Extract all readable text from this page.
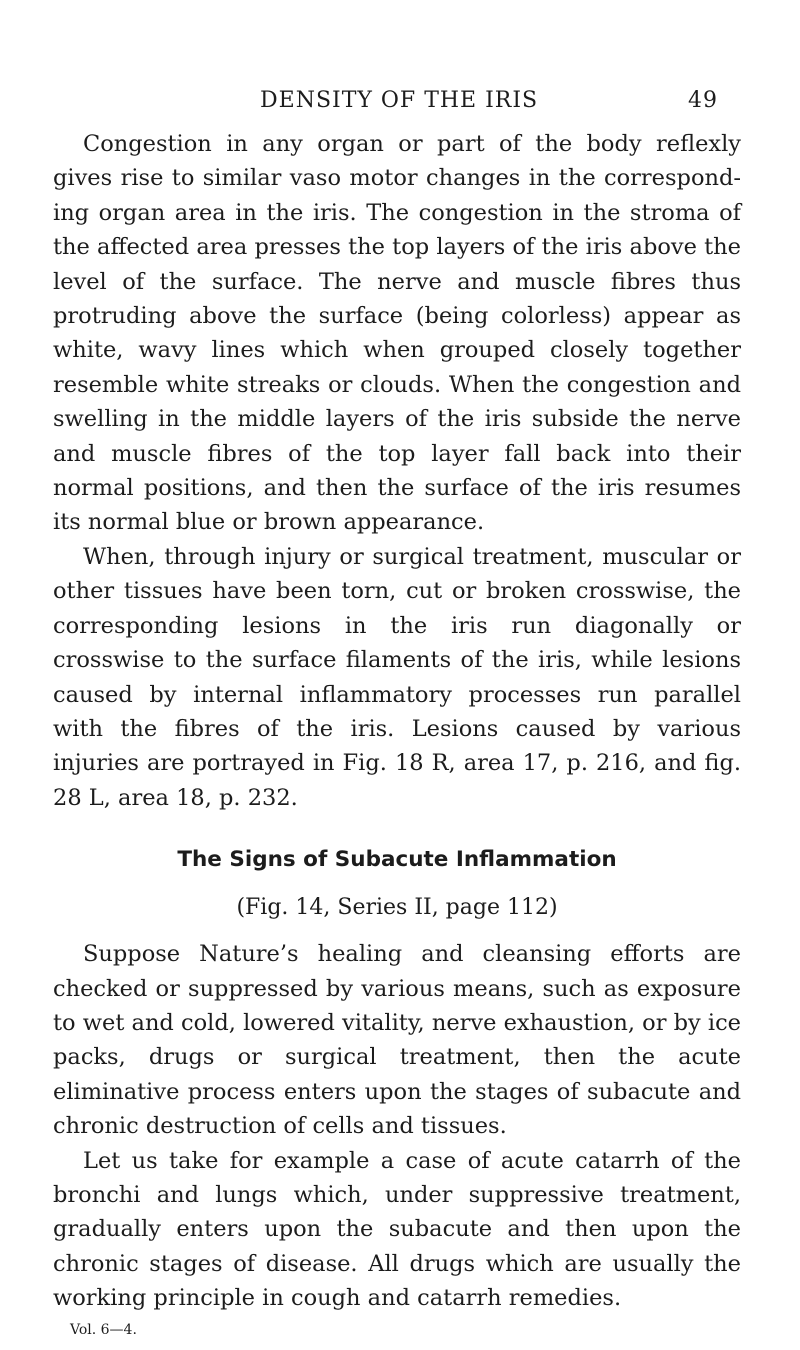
DENSITY OF THE IRIS	49

Congestion in any organ or part of the body reflexly gives rise to similar vaso motor changes in the correspond-ing organ area in the iris. The congestion in the stroma of the affected area presses the top layers of the iris above the level of the surface. The nerve and muscle fibres thus protruding above the surface (being colorless) appear as white, wavy lines which when grouped closely together resemble white streaks or clouds. When the congestion and swelling in the middle layers of the iris subside the nerve and muscle fibres of the top layer fall back into their normal positions, and then the surface of the iris resumes its normal blue or brown appearance.

When, through injury or surgical treatment, muscular or other tissues have been torn, cut or broken crosswise, the corresponding lesions in the iris run diagonally or crosswise to the surface filaments of the iris, while lesions caused by internal inflammatory processes run parallel with the fibres of the iris. Lesions caused by various injuries are portrayed in Fig. 18 R, area 17, p. 216, and fig. 28 L, area 18, p. 232.

The Signs of Subacute Inflammation
(Fig. 14, Series II, page 112)

Suppose Nature’s healing and cleansing efforts are checked or suppressed by various means, such as exposure to wet and cold, lowered vitality, nerve exhaustion, or by ice packs, drugs or surgical treatment, then the acute eliminative process enters upon the stages of subacute and chronic destruction of cells and tissues.

Let us take for example a case of acute catarrh of the bronchi and lungs which, under suppressive treatment, gradually enters upon the subacute and then upon the chronic stages of disease. All drugs which are usually the working principle in cough and catarrh remedies.

Vol. 6—4.
